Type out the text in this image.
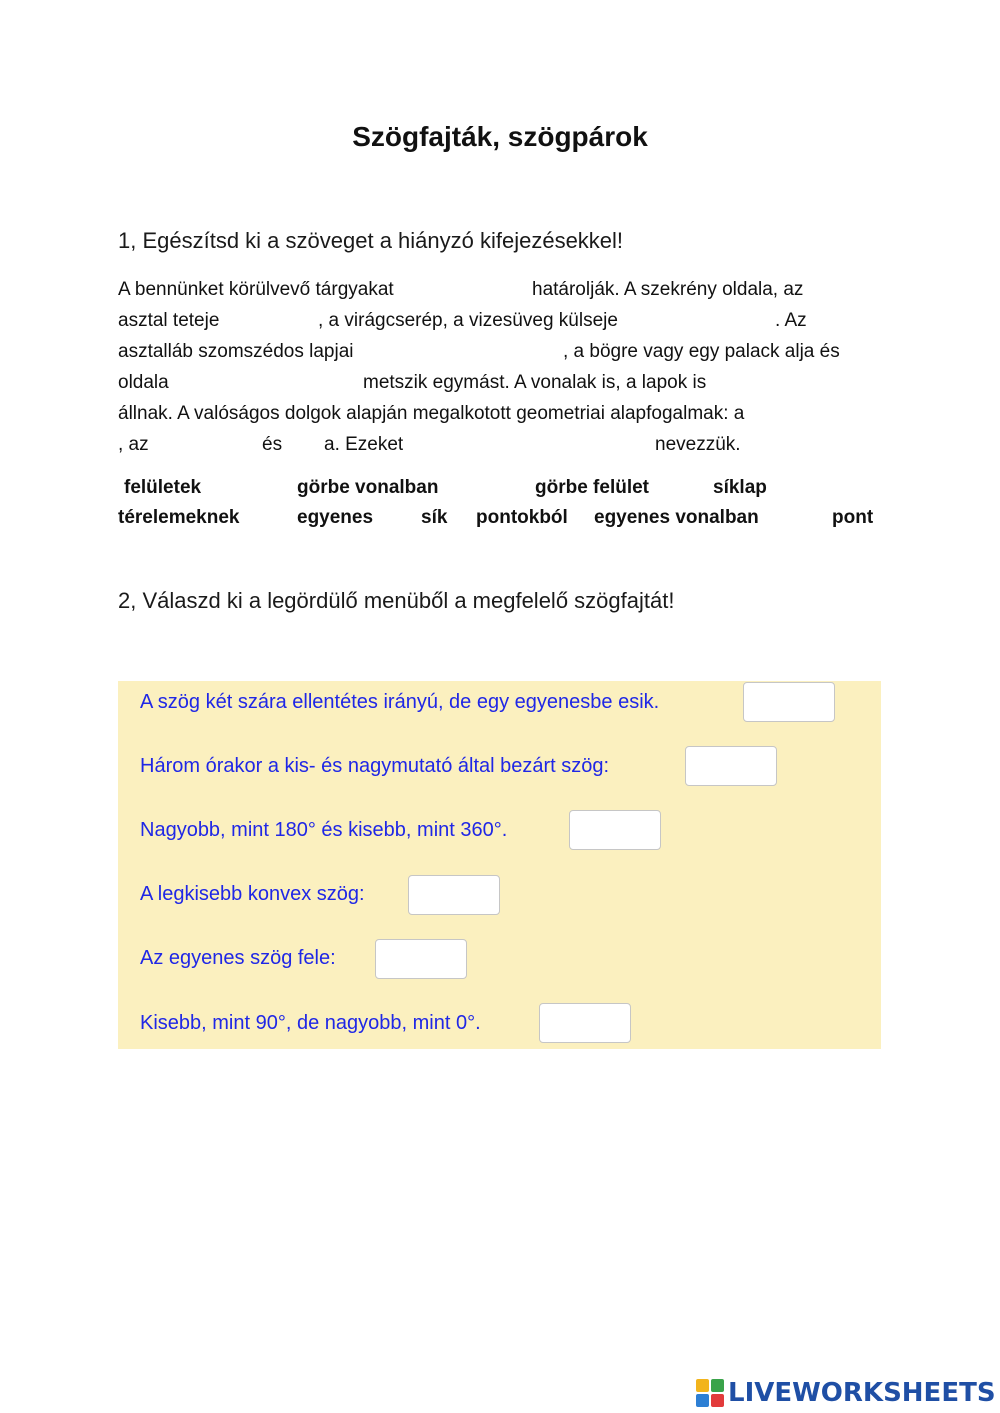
Szögfajták, szögpárok
1, Egészítsd ki a szöveget a hiányzó kifejezésekkel!
A bennünket körülvevő tárgyakat	határolják. A szekrény oldala, az
asztal teteje	, a virágcserép, a vizesüveg külseje	. Az
asztalláb szomszédos lapjai	, a bögre vagy egy palack alja és
oldala	metszik egymást. A vonalak is, a lapok is
állnak. A valóságos dolgok alapján megalkotott geometriai alapfogalmak: a
, az	és a. Ezeket	nevezzük.
felületek	görbe vonalban	görbe felület	síklap
térelemeknek	egyenes	sík pontokból egyenes vonalban	pont
2, Válaszd ki a legördülő menüből a megfelelő szögfajtát!
A szög két szára ellentétes irányú, de egy egyenesbe esik.
Három órakor a kis- és nagymutató által bezárt szög:
Nagyobb, mint 180° és kisebb, mint 360°.
A legkisebb konvex szög:
Az egyenes szög fele:
Kisebb, mint 90°, de nagyobb, mint 0°.
LIVEWORKSHEETS
